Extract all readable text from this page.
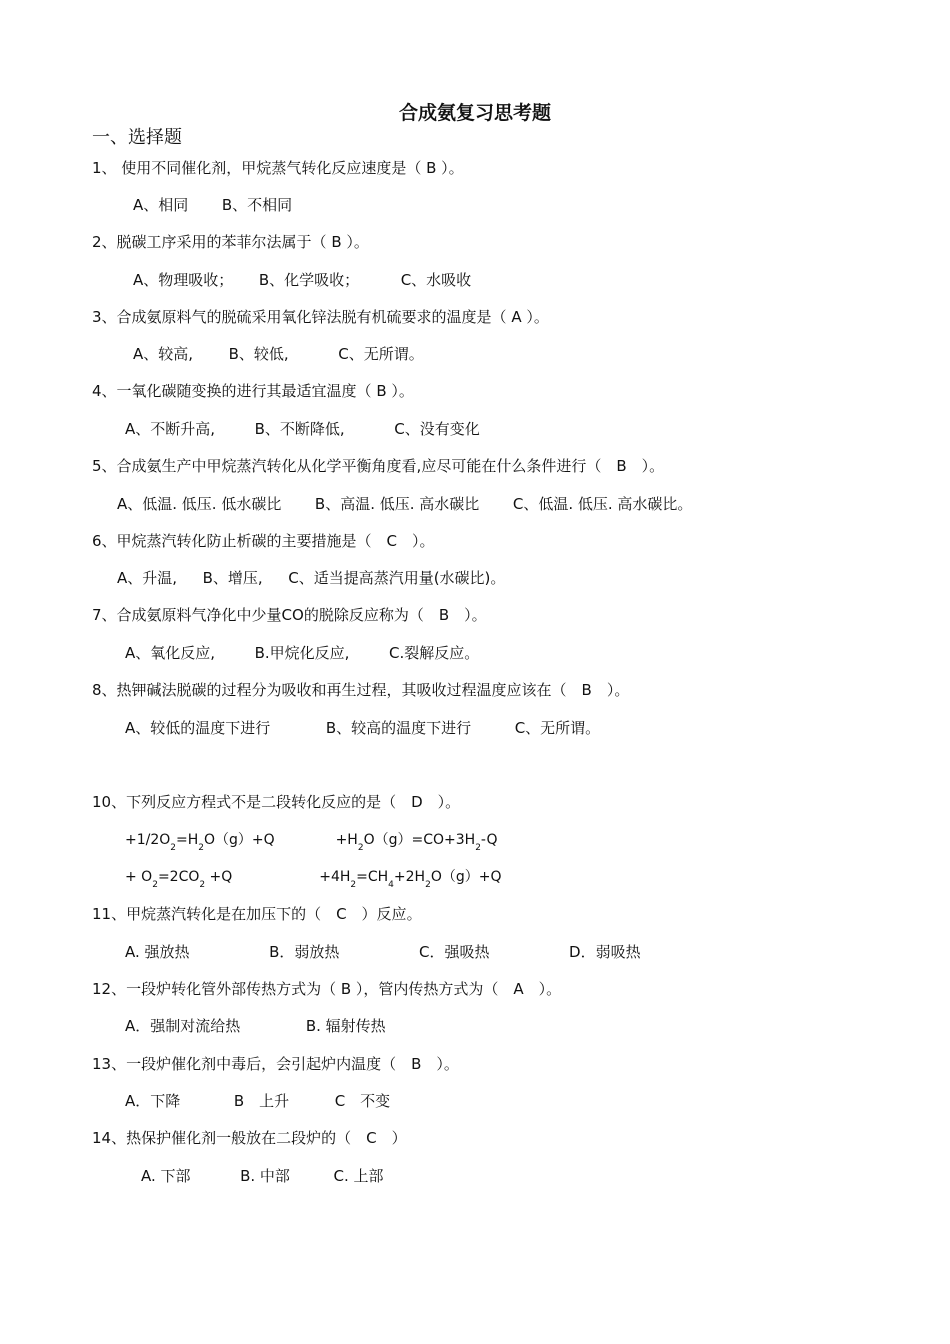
合成氨复习思考题
一、选择题
1、 使用不同催化剂，甲烷蒸气转化反应速度是（ B ）。
A、相同 B、不相同
2、脱碳工序采用的苯菲尔法属于（ B ）。
A、物理吸收； B、化学吸收；	C、水吸收
3、合成氨原料气的脱硫采用氧化锌法脱有机硫要求的温度是（ A ）。
A、较高, B、较低,	C、无所谓。
4、一氧化碳随变换的进行其最适宜温度（ B ）。
A、不断升高,	B、不断降低,	C、没有变化
5、合成氨生产中甲烷蒸汽转化从化学平衡角度看,应尽可能在什么条件进行（　B　）。
A、低温. 低压. 低水碳比 B、高温. 低压. 高水碳比 C、低温. 低压. 高水碳比。
6、甲烷蒸汽转化防止析碳的主要措施是（　C　）。
A、升温, B、增压, C、适当提高蒸汽用量(水碳比)。
7、合成氨原料气净化中少量CO的脱除反应称为（　B　）。
A、氧化反应,	B.甲烷化反应,	C.裂解反应。
8、热钾碱法脱碳的过程分为吸收和再生过程，其吸收过程温度应该在（　B　）。
A、较低的温度下进行	B、较高的温度下进行	C、无所谓。
10、下列反应方程式不是二段转化反应的是（　D　）。
$+1/2O_2=H_2O(g)+Q$	$+H_2O(g)=CO+3H_2-Q$
+ $O_2=2CO_2 +Q$	$+4H_2=CH_4+2H_2O(g)+Q$
11、甲烷蒸汽转化是在加压下的（　C　）反应。
A. 强放热	B．弱放热	C．强吸热	D．弱吸热
12、一段炉转化管外部传热方式为（ B ），管内传热方式为（　A　）。
A．强制对流给热	B. 辐射传热
13、一段炉催化剂中毒后，会引起炉内温度（　B　）。
A．下降	B　上升	C　不变
14、热保护催化剂一般放在二段炉的（　C　）
A. 下部	B. 中部	C. 上部
